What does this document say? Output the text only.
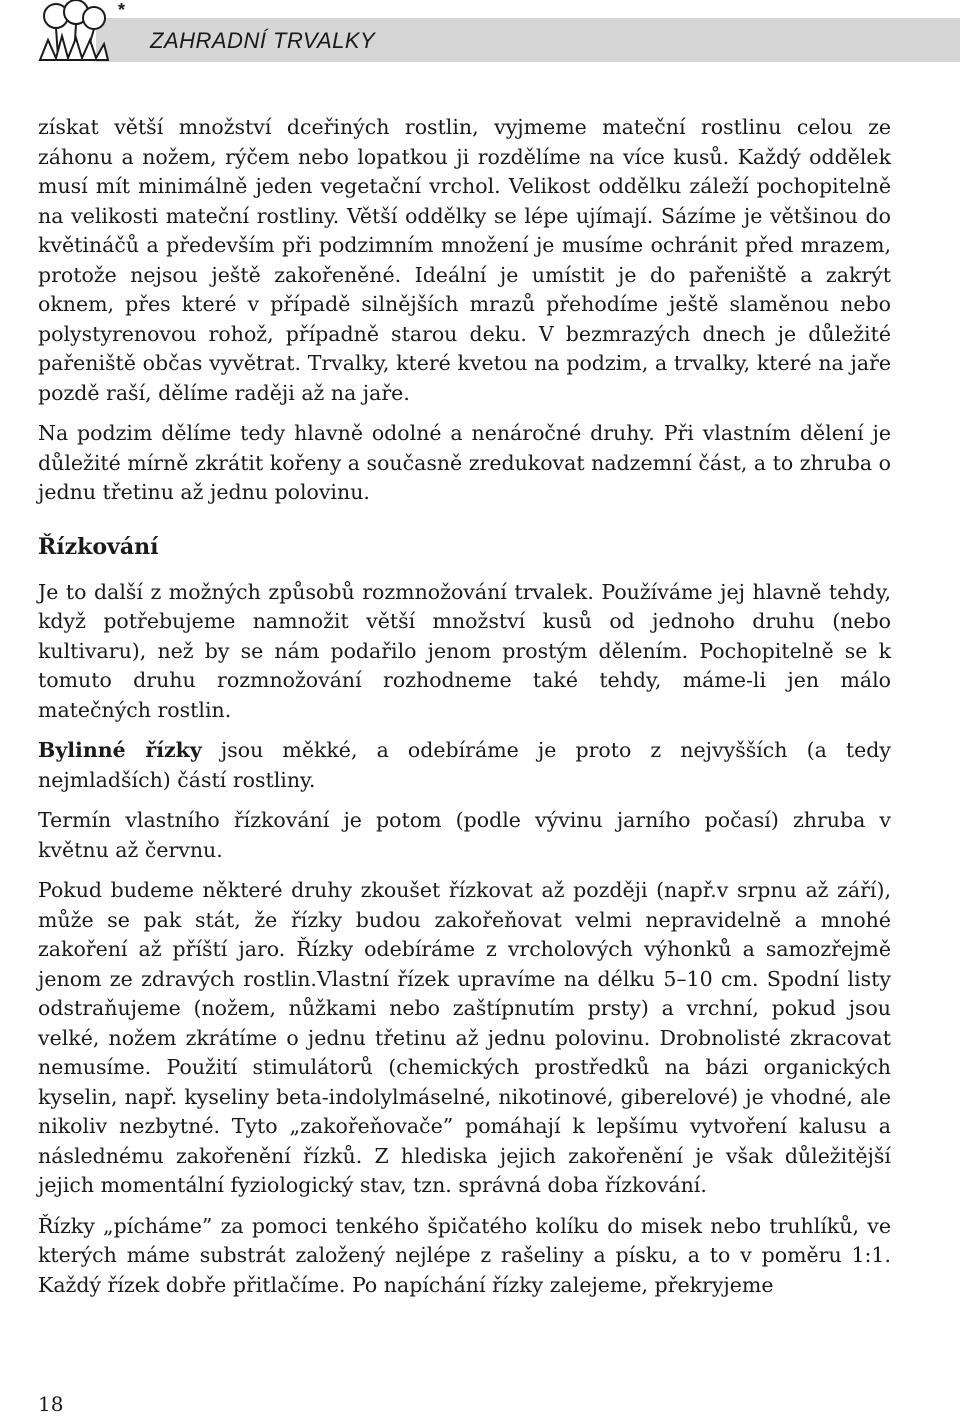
*
ZAHRADNÍ TRVALKY

získat větší množství dceřiných rostlin, vyjmeme mateční rostlinu celou ze záhonu a nožem, rýčem nebo lopatkou ji rozdělíme na více kusů. Každý oddělek musí mít minimálně jeden vegetační vrchol. Velikost oddělku záleží pochopitelně na velikosti mateční rostliny. Větší oddělky se lépe ujímají. Sázíme je většinou do květináčů a především při podzimním množení je musíme ochránit před mrazem, protože nejsou ještě zakořeněné. Ideální je umístit je do pařeniště a zakrýt oknem, přes které v případě silnějších mrazů přehodíme ještě slaměnou nebo polystyrenovou rohož, případně starou deku. V bezmrazých dnech je důležité pařeniště občas vyvětrat. Trvalky, které kvetou na podzim, a trvalky, které na jaře pozdě raší, dělíme raději až na jaře.

Na podzim dělíme tedy hlavně odolné a nenáročné druhy. Při vlastním dělení je důležité mírně zkrátit kořeny a současně zredukovat nadzemní část, a to zhruba o jednu třetinu až jednu polovinu.

Řízkování

Je to další z možných způsobů rozmnožování trvalek. Používáme jej hlavně tehdy, když potřebujeme namnožit větší množství kusů od jednoho druhu (nebo kultivaru), než by se nám podařilo jenom prostým dělením. Pochopitelně se k tomuto druhu rozmnožování rozhodneme také tehdy, máme-li jen málo matečných rostlin.

Bylinné řízky jsou měkké, a odebíráme je proto z nejvyšších (a tedy nejmladších) částí rostliny.

Termín vlastního řízkování je potom (podle vývinu jarního počasí) zhruba v květnu až červnu.

Pokud budeme některé druhy zkoušet řízkovat až později (např.v srpnu až září), může se pak stát, že řízky budou zakořeňovat velmi nepravidelně a mnohé zakoření až příští jaro. Řízky odebíráme z vrcholových výhonků a samozřejmě jenom ze zdravých rostlin.Vlastní řízek upravíme na délku 5–10 cm. Spodní listy odstraňujeme (nožem, nůžkami nebo zaštípnutím prsty) a vrchní, pokud jsou velké, nožem zkrátíme o jednu třetinu až jednu polovinu. Drobnolisté zkracovat nemusíme. Použití stimulátorů (chemických prostředků na bázi organických kyselin, např. kyseliny beta-indolylmáselné, nikotinové, giberelové) je vhodné, ale nikoliv nezbytné. Tyto „zakořeňovače” pomáhají k lepšímu vytvoření kalusu a následnému zakořenění řízků. Z hlediska jejich zakořenění je však důležitější jejich momentální fyziologický stav, tzn. správná doba řízkování.

Řízky „pícháme” za pomoci tenkého špičatého kolíku do misek nebo truhlíků, ve kterých máme substrát založený nejlépe z rašeliny a písku, a to v poměru 1:1. Každý řízek dobře přitlačíme. Po napíchání řízky zalejeme, překryjeme

18
